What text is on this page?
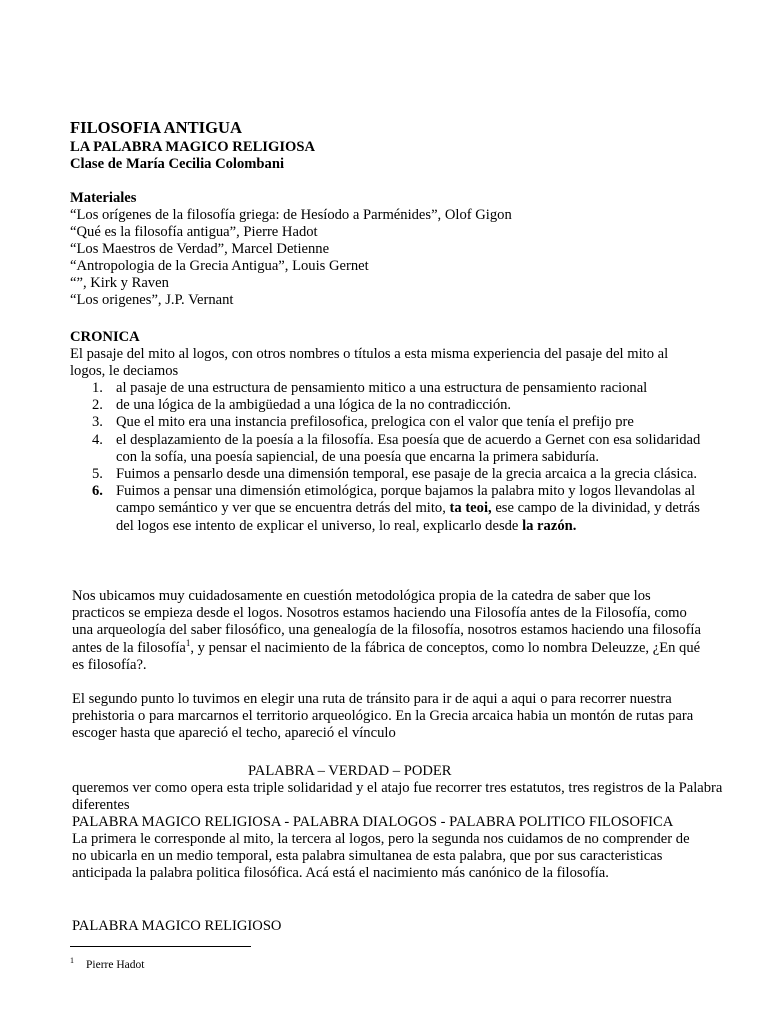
FILOSOFIA ANTIGUA
LA PALABRA MAGICO RELIGIOSA
Clase de María Cecilia Colombani
Materiales
“Los orígenes de la filosofía griega: de Hesíodo a Parménides”, Olof Gigon
“Qué es la filosofía antigua”, Pierre Hadot
“Los Maestros de Verdad”, Marcel Detienne
“Antropologia de la Grecia Antigua”, Louis Gernet
“”, Kirk y Raven
“Los origenes”, J.P. Vernant
CRONICA

El pasaje del mito al logos, con otros nombres o títulos a esta misma experiencia del pasaje del mito al logos, le deciamos

1. al pasaje de una estructura de pensamiento mitico a una estructura de pensamiento racional
2. de una lógica de la ambigüedad a una lógica de la no contradicción.
3. Que el mito era una instancia prefilosofica, prelogica con el valor que tenía el prefijo pre
4. el desplazamiento de la poesía a la filosofía. Esa poesía que de acuerdo a Gernet con esa solidaridad con la sofía, una poesía sapiencial, de una poesía que encarna la primera sabiduría.
5. Fuimos a pensarlo desde una dimensión temporal, ese pasaje de la grecia arcaica a la grecia clásica.
6. Fuimos a pensar una dimensión etimológica, porque bajamos la palabra mito y logos llevandolas al campo semántico y ver que se encuentra detrás del mito, ta teoi, ese campo de la divinidad, y detrás del logos ese intento de explicar el universo, lo real, explicarlo desde la razón.

Nos ubicamos muy cuidadosamente en cuestión metodológica propia de la catedra de saber que los practicos se empieza desde el logos. Nosotros estamos haciendo una Filosofía antes de la Filosofía, como una arqueología del saber filosófico, una genealogía de la filosofía, nosotros estamos haciendo una filosofía antes de la filosofía$^1$, y pensar el nacimiento de la fábrica de conceptos, como lo nombra Deleuzze, ¿En qué es filosofía?.

El segundo punto lo tuvimos en elegir una ruta de tránsito para ir de aqui a aqui o para recorrer nuestra prehistoria o para marcarnos el territorio arqueológico. En la Grecia arcaica habia un montón de rutas para escoger hasta que apareció el techo, apareció el vínculo

PALABRA – VERDAD – PODER

queremos ver como opera esta triple solidaridad y el atajo fue recorrer tres estatutos, tres registros de la Palabra diferentes

PALABRA MAGICO RELIGIOSA - PALABRA DIALOGOS - PALABRA POLITICO FILOSOFICA

La primera le corresponde al mito, la tercera al logos, pero la segunda nos cuidamos de no comprender de no ubicarla en un medio temporal, esta palabra simultanea de esta palabra, que por sus caracteristicas anticipada la palabra politica filosófica. Acá está el nacimiento más canónico de la filosofía.

PALABRA MAGICO RELIGIOSO
$^1$ Pierre Hadot
